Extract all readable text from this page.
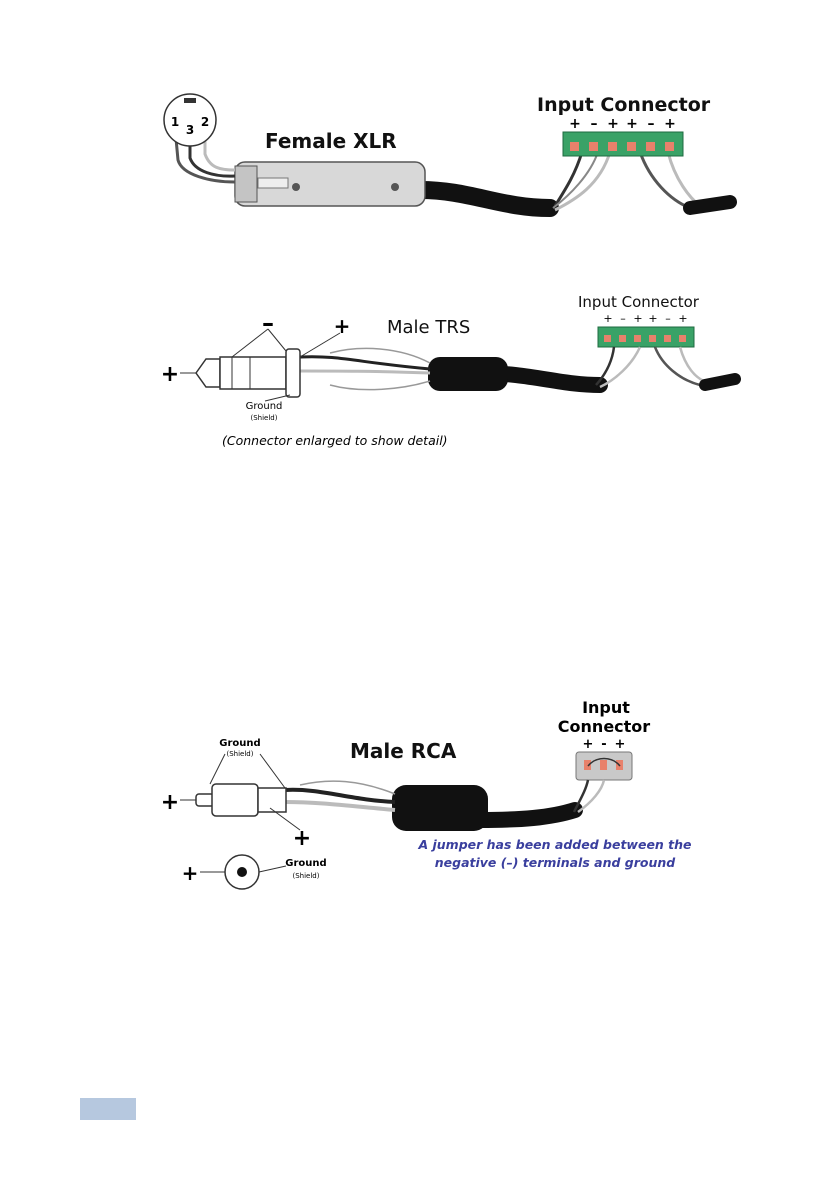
1
3
2
Female XLR
Input Connector
+ – + + – +
+
–	+
Ground
(Shield)
(Connector enlarged to show detail)
Male TRS
Input Connector
+ – + + – +
+
+
Ground
(Shield)
+	Ground
(Shield)
Male RCA
Input
Connector
+ - +
A jumper has been added between the
negative (–) terminals and ground
